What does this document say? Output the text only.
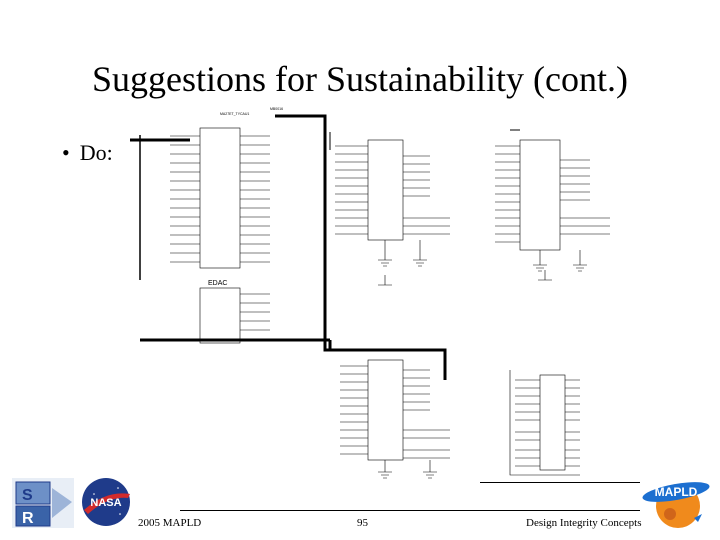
Suggestions for Sustainability (cont.)
• Do:
MA27ET_TYCAU1
MB0016
EDAC
2005 MAPLD	95	Design Integrity Concepts
S
R
NASA
MAPLD
